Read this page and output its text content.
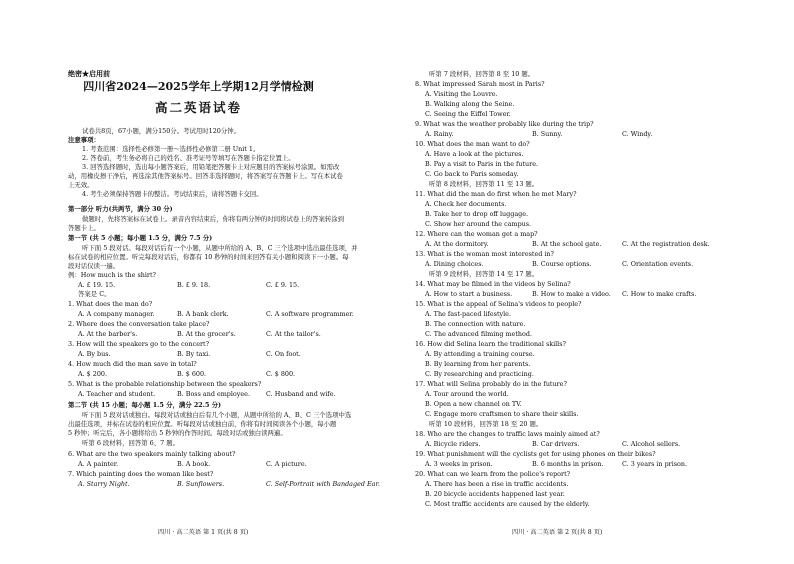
绝密★启用前
四川省2024—2025学年上学期12月学情检测
高二英语试卷
试卷共8页，67小题，满分150分。考试用时120分钟。
注意事项：
1. 考查范围：选择性必修第一册～选择性必修第二册 Unit 1。
2. 答卷前，考生务必将自己的姓名、准考证号等填写在答题卡指定位置上。
3. 回答选择题时，选出每小题答案后，用铅笔把答题卡上对应题目的答案标号涂黑。如需改
动，用橡皮擦干净后，再选涂其他答案标号。回答非选择题时，将答案写在答题卡上。写在本试卷
上无效。
4. 考生必须保持答题卡的整洁。考试结束后，请将答题卡交回。
第一部分 听力(共两节，满分 30 分)
做题时，先将答案标在试卷上。录音内容结束后，你将有两分钟的时间将试卷上的答案转涂到
答题卡上。
第一节 (共 5 小题；每小题 1.5 分，满分 7.5 分)
听下面 5 段对话。每段对话后有一个小题，从题中所给的 A、B、C 三个选项中选出最佳选项，并
标在试卷的相应位置。听完每段对话后，你都有 10 秒钟的时间来回答有关小题和阅读下一小题。每
段对话仅读一遍。
例：How much is the shirt?
A. £ 19. 15.	B. £ 9. 18.	C. £ 9. 15.
答案是 C。
1. What does the man do?
A. A company manager.	B. A bank clerk.	C. A software programmer.
2. Where does the conversation take place?
A. At the barber's.	B. At the grocer's.	C. At the tailor's.
3. How will the speakers go to the concert?
A. By bus.	B. By taxi.	C. On foot.
4. How much did the man save in total?
A. $ 200.	B. $ 600.	C. $ 800.
5. What is the probable relationship between the speakers?
A. Teacher and student.	B. Boss and employee.	C. Husband and wife.
第二节 (共 15 小题；每小题 1.5 分，满分 22.5 分)
听下面 5 段对话或独白。每段对话或独白后有几个小题，从题中所给的 A、B、C 三个选项中选
出最佳选项，并标在试卷的相应位置。听每段对话或独白前，你将有时间阅读各个小题，每小题
5 秒钟；听完后，各小题将给出 5 秒钟的作答时间。每段对话或独白读两遍。
听第 6 段材料，回答第 6、7 题。
6. What are the two speakers mainly talking about?
A. A painter.	B. A book.	C. A picture.
7. Which painting does the woman like best?
A. Starry Night.	B. Sunflowers.	C. Self-Portrait with Bandaged Ear.
四川 · 高二英语 第 1 页(共 8 页)
听第 7 段材料，回答第 8 至 10 题。
8. What impressed Sarah most in Paris?
A. Visiting the Louvre.
B. Walking along the Seine.
C. Seeing the Eiffel Tower.
9. What was the weather probably like during the trip?
A. Rainy.	B. Sunny.	C. Windy.
10. What does the man want to do?
A. Have a look at the pictures.
B. Pay a visit to Paris in the future.
C. Go back to Paris someday.
听第 8 段材料，回答第 11 至 13 题。
11. What did the man do first when he met Mary?
A. Check her documents.
B. Take her to drop off luggage.
C. Show her around the campus.
12. Where can the woman get a map?
A. At the dormitory.	B. At the school gate.	C. At the registration desk.
13. What is the woman most interested in?
A. Dining choices.	B. Course options.	C. Orientation events.
听第 9 段材料，回答第 14 至 17 题。
14. What may be filmed in the videos by Selina?
A. How to start a business.	B. How to make a video. C. How to make crafts.
15. What is the appeal of Selina's videos to people?
A. The fast-paced lifestyle.
B. The connection with nature.
C. The advanced filming method.
16. How did Selina learn the traditional skills?
A. By attending a training course.
B. By learning from her parents.
C. By researching and practicing.
17. What will Selina probably do in the future?
A. Tour around the world.
B. Open a new channel on TV.
C. Engage more craftsmen to share their skills.
听第 10 段材料，回答第 18 至 20 题。
18. Who are the changes to traffic laws mainly aimed at?
A. Bicycle riders.	B. Car drivers.	C. Alcohol sellers.
19. What punishment will the cyclists get for using phones on their bikes?
A. 3 weeks in prison.	B. 6 months in prison.	C. 3 years in prison.
20. What can we learn from the police's report?
A. There has been a rise in traffic accidents.
B. 20 bicycle accidents happened last year.
C. Most traffic accidents are caused by the elderly.
四川 · 高二英语 第 2 页(共 8 页)
